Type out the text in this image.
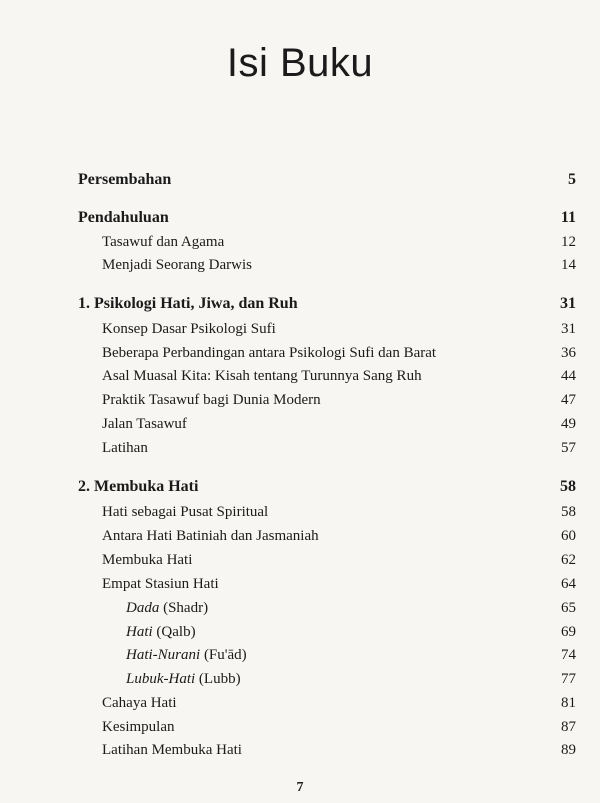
Isi Buku
Persembahan	5
Pendahuluan	11
Tasawuf dan Agama	12
Menjadi Seorang Darwis	14
1. Psikologi Hati, Jiwa, dan Ruh	31
Konsep Dasar Psikologi Sufi	31
Beberapa Perbandingan antara Psikologi Sufi dan Barat	36
Asal Muasal Kita: Kisah tentang Turunnya Sang Ruh	44
Praktik Tasawuf bagi Dunia Modern	47
Jalan Tasawuf	49
Latihan	57
2. Membuka Hati	58
Hati sebagai Pusat Spiritual	58
Antara Hati Batiniah dan Jasmaniah	60
Membuka Hati	62
Empat Stasiun Hati	64
Dada (Shadr)	65
Hati (Qalb)	69
Hati-Nurani (Fu'ād)	74
Lubuk-Hati (Lubb)	77
Cahaya Hati	81
Kesimpulan	87
Latihan Membuka Hati	89
7
